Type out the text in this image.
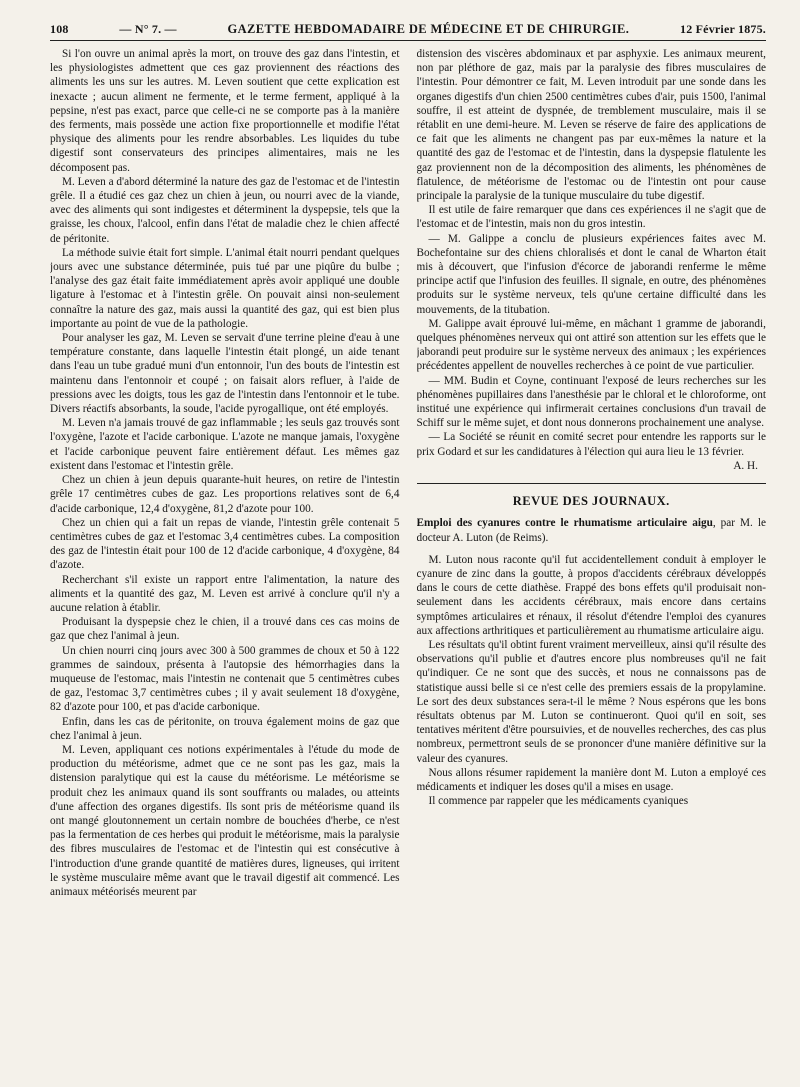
108	— N° 7. —	GAZETTE HEBDOMADAIRE DE MÉDECINE ET DE CHIRURGIE.	12 Février 1875.

Si l'on ouvre un animal après la mort, on trouve des gaz dans l'intestin, et les physiologistes admettent que ces gaz proviennent des réactions des aliments les uns sur les autres. M. Leven soutient que cette explication est inexacte ; aucun aliment ne fermente, et le terme ferment, appliqué à la pepsine, n'est pas exact, parce que celle-ci ne se comporte pas à la manière des ferments, mais possède une action fixe proportionnelle et modifie l'état physique des aliments pour les rendre absorbables. Les liquides du tube digestif sont conservateurs des principes alimentaires, mais ne les décomposent pas.

M. Leven a d'abord déterminé la nature des gaz de l'estomac et de l'intestin grêle. Il a étudié ces gaz chez un chien à jeun, ou nourri avec de la viande, avec des aliments qui sont indigestes et déterminent la dyspepsie, tels que la graisse, les choux, l'alcool, enfin dans l'état de maladie chez le chien affecté de péritonite.

La méthode suivie était fort simple. L'animal était nourri pendant quelques jours avec une substance déterminée, puis tué par une piqûre du bulbe ; l'analyse des gaz était faite immédiatement après avoir appliqué une double ligature à l'estomac et à l'intestin grêle. On pouvait ainsi non-seulement connaître la nature des gaz, mais aussi la quantité des gaz, qui est bien plus importante au point de vue de la pathologie.

Pour analyser les gaz, M. Leven se servait d'une terrine pleine d'eau à une température constante, dans laquelle l'intestin était plongé, un aide tenant dans l'eau un tube gradué muni d'un entonnoir, l'un des bouts de l'intestin est maintenu dans l'entonnoir et coupé ; on faisait alors refluer, à l'aide de pressions avec les doigts, tous les gaz de l'intestin dans l'entonnoir et le tube. Divers réactifs absorbants, la soude, l'acide pyrogallique, ont été employés.

M. Leven n'a jamais trouvé de gaz inflammable ; les seuls gaz trouvés sont l'oxygène, l'azote et l'acide carbonique. L'azote ne manque jamais, l'oxygène et l'acide carbonique peuvent faire entièrement défaut. Les mêmes gaz existent dans l'estomac et l'intestin grêle.

Chez un chien à jeun depuis quarante-huit heures, on retire de l'intestin grêle 17 centimètres cubes de gaz. Les proportions relatives sont de 6,4 d'acide carbonique, 12,4 d'oxygène, 81,2 d'azote pour 100.

Chez un chien qui a fait un repas de viande, l'intestin grêle contenait 5 centimètres cubes de gaz et l'estomac 3,4 centimètres cubes. La composition des gaz de l'intestin était pour 100 de 12 d'acide carbonique, 4 d'oxygène, 84 d'azote.

Recherchant s'il existe un rapport entre l'alimentation, la nature des aliments et la quantité des gaz, M. Leven est arrivé à conclure qu'il n'y a aucune relation à établir.

Produisant la dyspepsie chez le chien, il a trouvé dans ces cas moins de gaz que chez l'animal à jeun.

Un chien nourri cinq jours avec 300 à 500 grammes de choux et 50 à 122 grammes de saindoux, présenta à l'autopsie des hémorrhagies dans la muqueuse de l'estomac, mais l'intestin ne contenait que 5 centimètres cubes de gaz, l'estomac 3,7 centimètres cubes ; il y avait seulement 18 d'oxygène, 82 d'azote pour 100, et pas d'acide carbonique.

Enfin, dans les cas de péritonite, on trouva également moins de gaz que chez l'animal à jeun.

M. Leven, appliquant ces notions expérimentales à l'étude du mode de production du météorisme, admet que ce ne sont pas les gaz, mais la distension paralytique qui est la cause du météorisme. Le météorisme se produit chez les animaux quand ils sont souffrants ou malades, ou atteints d'une affection des organes digestifs. Ils sont pris de météorisme quand ils ont mangé gloutonnement un certain nombre de bouchées d'herbe, ce n'est pas la fermentation de ces herbes qui produit le météorisme, mais la paralysie des fibres musculaires de l'estomac et de l'intestin qui est consécutive à l'introduction d'une grande quantité de matières dures, ligneuses, qui irritent le système musculaire même avant que le travail digestif ait commencé. Les animaux météorisés meurent par

distension des viscères abdominaux et par asphyxie. Les animaux meurent, non par pléthore de gaz, mais par la paralysie des fibres musculaires de l'intestin. Pour démontrer ce fait, M. Leven introduit par une sonde dans les organes digestifs d'un chien 2500 centimètres cubes d'air, puis 1500, l'animal souffre, il est atteint de dyspnée, de tremblement musculaire, mais il se rétablit en une demi-heure. M. Leven se réserve de faire des applications de ce fait que les aliments ne changent pas par eux-mêmes la nature et la quantité des gaz de l'estomac et de l'intestin, dans la dyspepsie flatulente les gaz proviennent non de la décomposition des aliments, les phénomènes de flatulence, de météorisme de l'estomac ou de l'intestin ont pour cause principale la paralysie de la tunique musculaire du tube digestif.

Il est utile de faire remarquer que dans ces expériences il ne s'agit que de l'estomac et de l'intestin, mais non du gros intestin.

— M. Galippe a conclu de plusieurs expériences faites avec M. Bochefontaine sur des chiens chloralisés et dont le canal de Wharton était mis à découvert, que l'infusion d'écorce de jaborandi renferme le même principe actif que l'infusion des feuilles. Il signale, en outre, des phénomènes produits sur le système nerveux, tels qu'une certaine difficulté dans les mouvements, de la titubation.

M. Galippe avait éprouvé lui-même, en mâchant 1 gramme de jaborandi, quelques phénomènes nerveux qui ont attiré son attention sur les effets que le jaborandi peut produire sur le système nerveux des animaux ; les expériences précédentes appellent de nouvelles recherches à ce point de vue particulier.

— MM. Budin et Coyne, continuant l'exposé de leurs recherches sur les phénomènes pupillaires dans l'anesthésie par le chloral et le chloroforme, ont institué une expérience qui infirmerait certaines conclusions d'un travail de Schiff sur le même sujet, et dont nous donnerons prochainement une analyse.

— La Société se réunit en comité secret pour entendre les rapports sur le prix Godard et sur les candidatures à l'élection qui aura lieu le 13 février.

A. H.

REVUE DES JOURNAUX.
Emploi des cyanures contre le rhumatisme articulaire aigu, par M. le docteur A. Luton (de Reims).

M. Luton nous raconte qu'il fut accidentellement conduit à employer le cyanure de zinc dans la goutte, à propos d'accidents cérébraux développés dans le cours de cette diathèse. Frappé des bons effets qu'il produisait non-seulement dans les accidents cérébraux, mais encore dans certains symptômes articulaires et rénaux, il résolut d'étendre l'emploi des cyanures aux affections arthritiques et particulièrement au rhumatisme articulaire aigu.

Les résultats qu'il obtint furent vraiment merveilleux, ainsi qu'il résulte des observations qu'il publie et d'autres encore plus nombreuses qu'il ne fait qu'indiquer. Ce ne sont que des succès, et nous ne connaissons pas de statistique aussi belle si ce n'est celle des premiers essais de la propylamine. Le sort des deux substances sera-t-il le même ? Nous espérons que les bons résultats obtenus par M. Luton se continueront. Quoi qu'il en soit, ses tentatives méritent d'être poursuivies, et de nouvelles recherches, des cas plus nombreux, permettront seuls de se prononcer d'une manière définitive sur la valeur des cyanures.

Nous allons résumer rapidement la manière dont M. Luton a employé ces médicaments et indiquer les doses qu'il a mises en usage.

Il commence par rappeler que les médicaments cyaniques
